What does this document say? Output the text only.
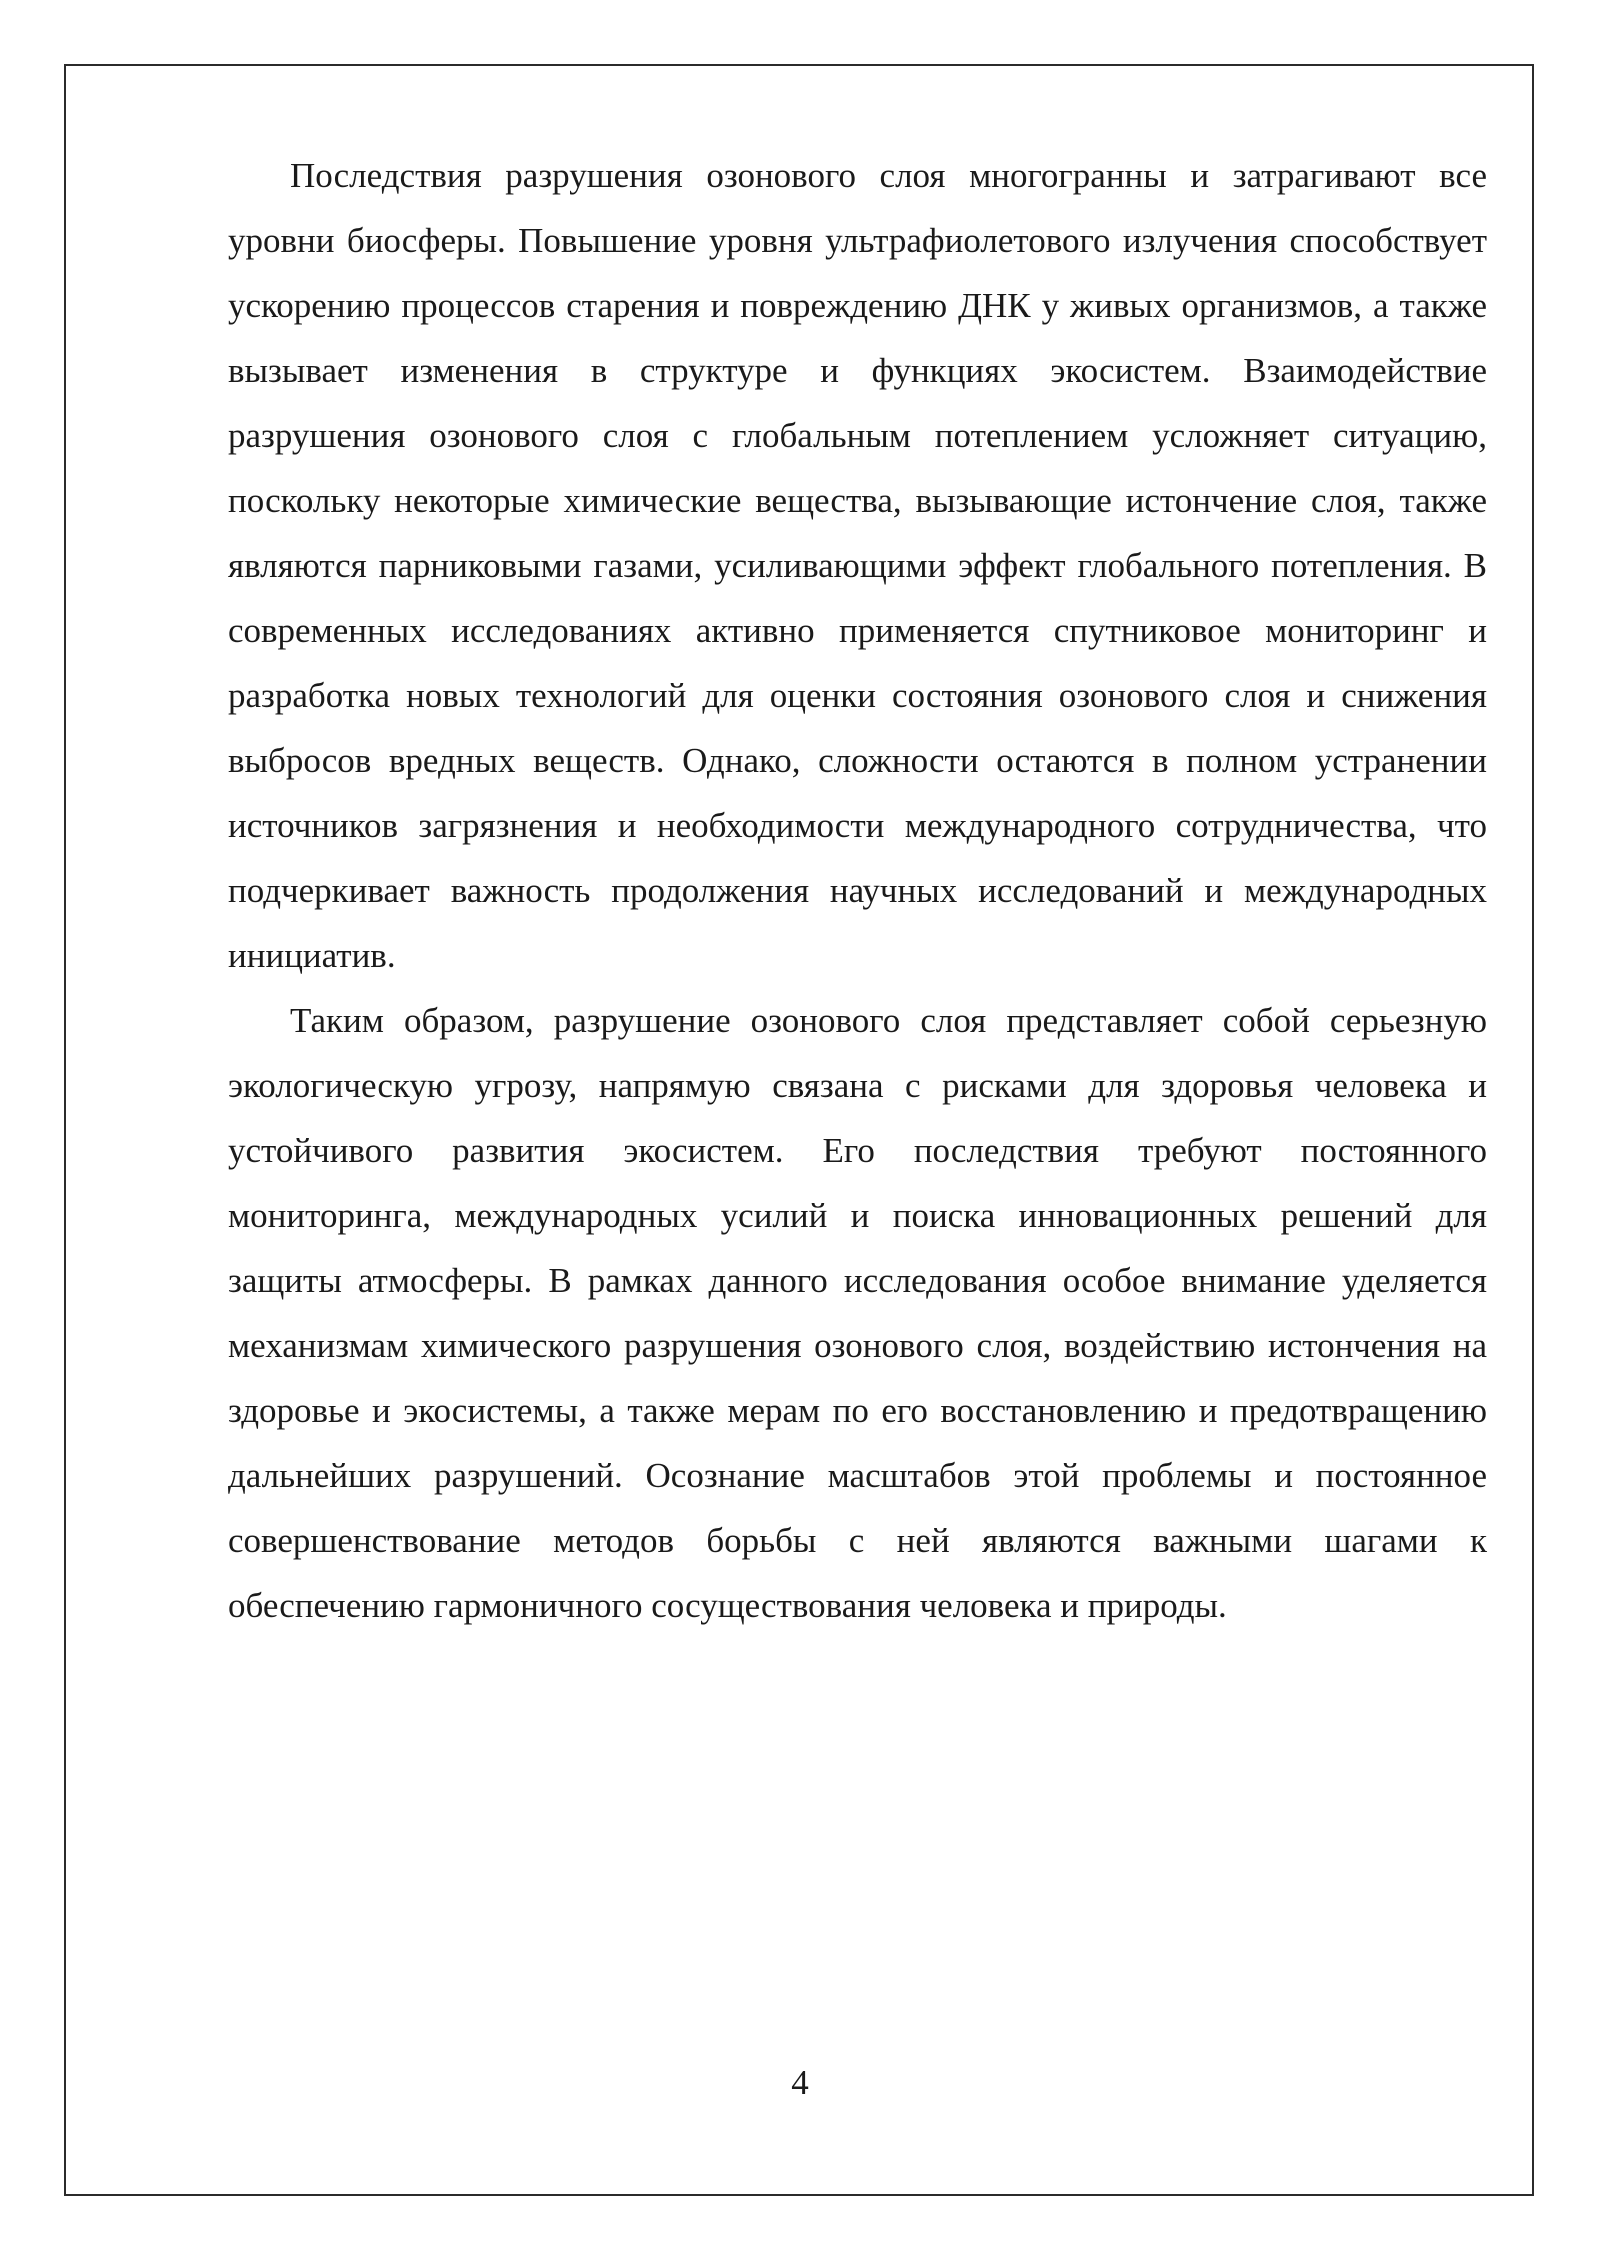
Последствия разрушения озонового слоя многогранны и затрагивают все уровни биосферы. Повышение уровня ультрафиолетового излучения способствует ускорению процессов старения и повреждению ДНК у живых организмов, а также вызывает изменения в структуре и функциях экосистем. Взаимодействие разрушения озонового слоя с глобальным потеплением усложняет ситуацию, поскольку некоторые химические вещества, вызывающие истончение слоя, также являются парниковыми газами, усиливающими эффект глобального потепления. В современных исследованиях активно применяется спутниковое мониторинг и разработка новых технологий для оценки состояния озонового слоя и снижения выбросов вредных веществ. Однако, сложности остаются в полном устранении источников загрязнения и необходимости международного сотрудничества, что подчеркивает важность продолжения научных исследований и международных инициатив.

Таким образом, разрушение озонового слоя представляет собой серьезную экологическую угрозу, напрямую связана с рисками для здоровья человека и устойчивого развития экосистем. Его последствия требуют постоянного мониторинга, международных усилий и поиска инновационных решений для защиты атмосферы. В рамках данного исследования особое внимание уделяется механизмам химического разрушения озонового слоя, воздействию истончения на здоровье и экосистемы, а также мерам по его восстановлению и предотвращению дальнейших разрушений. Осознание масштабов этой проблемы и постоянное совершенствование методов борьбы с ней являются важными шагами к обеспечению гармоничного сосуществования человека и природы.

4
